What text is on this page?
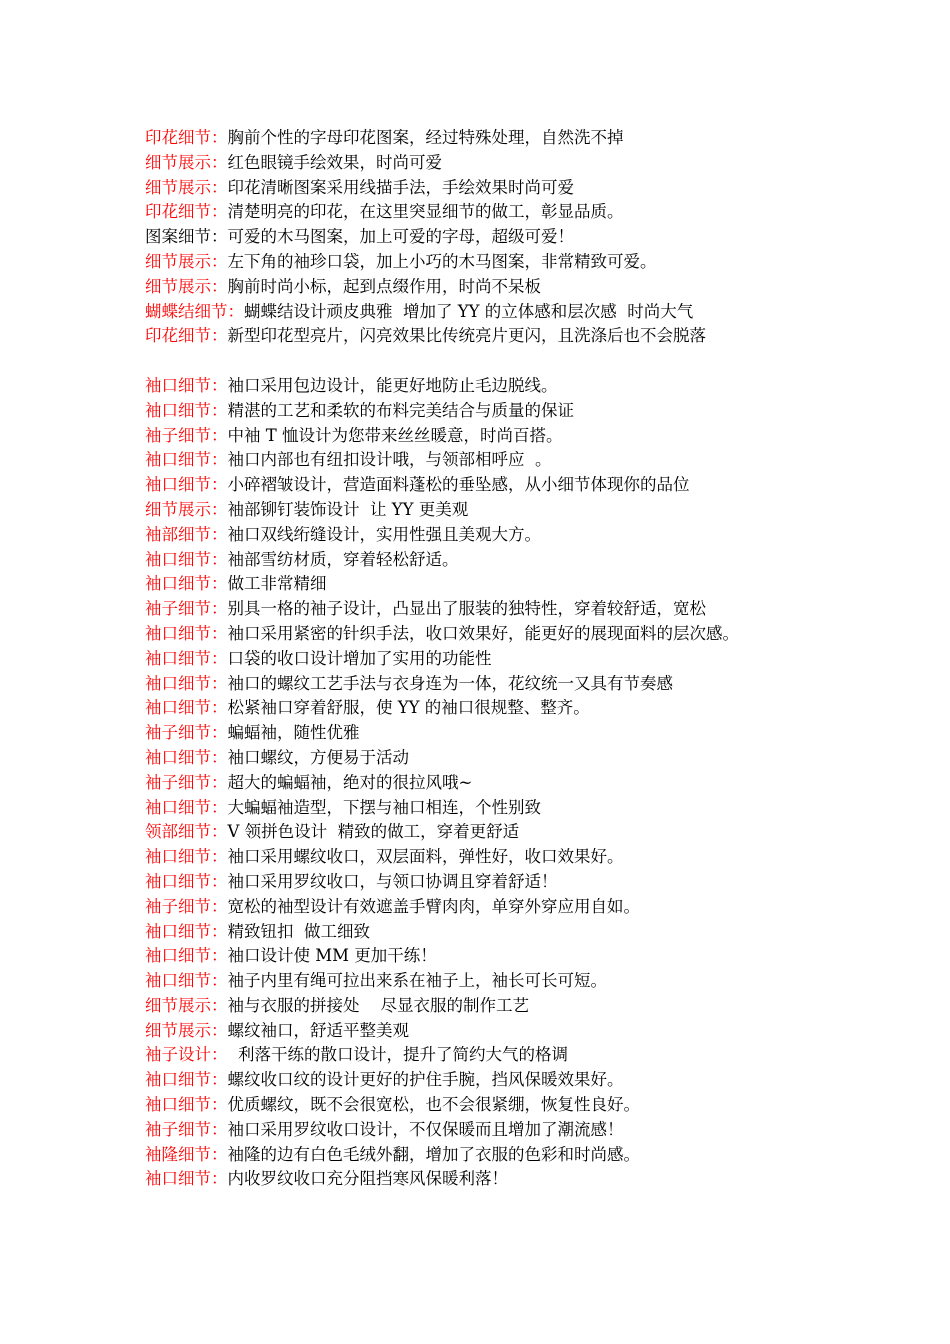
印花细节：胸前个性的字母印花图案，经过特殊处理，自然洗不掉
细节展示：红色眼镜手绘效果，时尚可爱
细节展示：印花清晰图案采用线描手法，手绘效果时尚可爱
印花细节：清楚明亮的印花，在这里突显细节的做工，彰显品质。
图案细节：可爱的木马图案，加上可爱的字母，超级可爱！
细节展示：左下角的袖珍口袋，加上小巧的木马图案，非常精致可爱。
细节展示：胸前时尚小标，起到点缀作用，时尚不呆板
蝴蝶结细节：蝴蝶结设计顽皮典雅  增加了 YY 的立体感和层次感  时尚大气
印花细节：新型印花型亮片，闪亮效果比传统亮片更闪，且洗涤后也不会脱落
袖口细节：袖口采用包边设计，能更好地防止毛边脱线。
袖口细节：精湛的工艺和柔软的布料完美结合与质量的保证
袖子细节：中袖 T 恤设计为您带来丝丝暖意，时尚百搭。
袖口细节：袖口内部也有纽扣设计哦，与领部相呼应  。
袖口细节：小碎褶皱设计，营造面料蓬松的垂坠感，从小细节体现你的品位
细节展示：袖部铆钉装饰设计  让 YY 更美观
袖部细节：袖口双线绗缝设计，实用性强且美观大方。
袖口细节：袖部雪纺材质，穿着轻松舒适。
袖口细节：做工非常精细
袖子细节：别具一格的袖子设计，凸显出了服装的独特性，穿着较舒适，宽松
袖口细节：袖口采用紧密的针织手法，收口效果好，能更好的展现面料的层次感。
袖口细节：口袋的收口设计增加了实用的功能性
袖口细节：袖口的螺纹工艺手法与衣身连为一体，花纹统一又具有节奏感
袖口细节：松紧袖口穿着舒服，使 YY 的袖口很规整、整齐。
袖子细节：蝙蝠袖，随性优雅
袖口细节：袖口螺纹，方便易于活动
袖子细节：超大的蝙蝠袖，绝对的很拉风哦~
袖口细节：大蝙蝠袖造型，下摆与袖口相连，个性别致
领部细节：V 领拼色设计  精致的做工，穿着更舒适
袖口细节：袖口采用螺纹收口，双层面料，弹性好，收口效果好。
袖口细节：袖口采用罗纹收口，与领口协调且穿着舒适！
袖子细节：宽松的袖型设计有效遮盖手臂肉肉，单穿外穿应用自如。
袖口细节：精致钮扣  做工细致
袖口细节：袖口设计使 MM 更加干练！
袖口细节：袖子内里有绳可拉出来系在袖子上，袖长可长可短。
细节展示：袖与衣服的拼接处    尽显衣服的制作工艺
细节展示：螺纹袖口，舒适平整美观
袖子设计：  利落干练的散口设计，提升了简约大气的格调
袖口细节：螺纹收口纹的设计更好的护住手腕，挡风保暖效果好。
袖口细节：优质螺纹，既不会很宽松，也不会很紧绷，恢复性良好。
袖子细节：袖口采用罗纹收口设计，不仅保暖而且增加了潮流感！
袖隆细节：袖隆的边有白色毛绒外翻，增加了衣服的色彩和时尚感。
袖口细节：内收罗纹收口充分阻挡寒风保暖利落！
